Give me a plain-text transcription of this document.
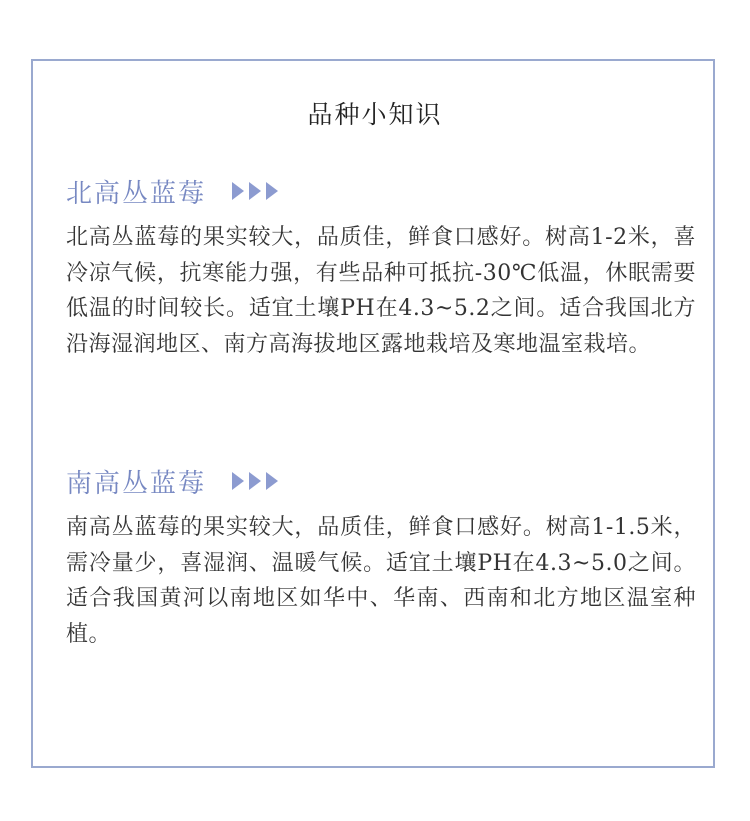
品种小知识
北高丛蓝莓
北高丛蓝莓的果实较大，品质佳，鲜食口感好。树高1-2米，喜冷凉气候，抗寒能力强，有些品种可抵抗-30℃低温，休眠需要低温的时间较长。适宜土壤PH在4.3~5.2之间。适合我国北方沿海湿润地区、南方高海拔地区露地栽培及寒地温室栽培。
南高丛蓝莓
南高丛蓝莓的果实较大，品质佳，鲜食口感好。树高1-1.5米，需冷量少，喜湿润、温暖气候。适宜土壤PH在4.3~5.0之间。适合我国黄河以南地区如华中、华南、西南和北方地区温室种植。
